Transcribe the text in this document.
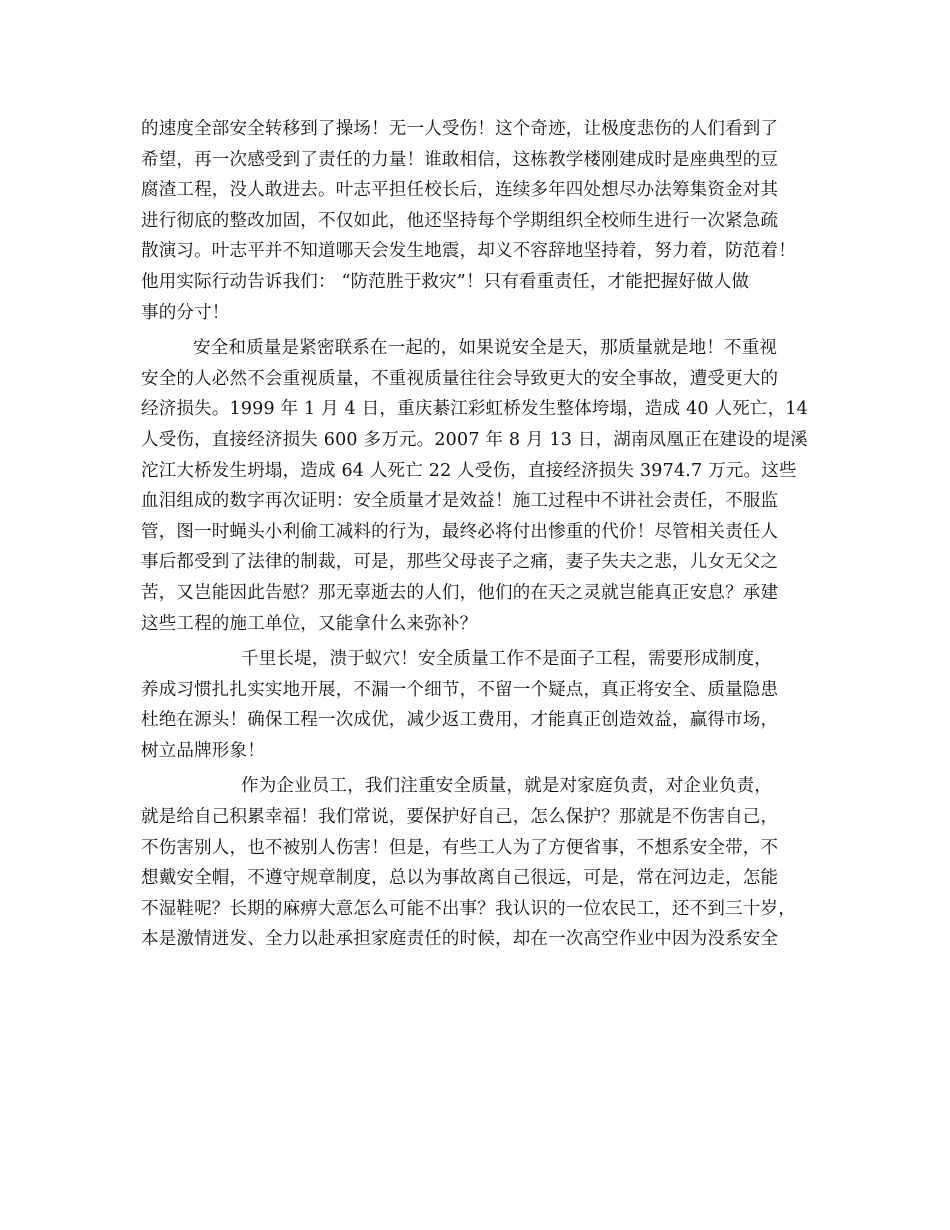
的速度全部安全转移到了操场！无一人受伤！这个奇迹，让极度悲伤的人们看到了
希望，再一次感受到了责任的力量！谁敢相信，这栋教学楼刚建成时是座典型的豆
腐渣工程，没人敢进去。叶志平担任校长后，连续多年四处想尽办法筹集资金对其
进行彻底的整改加固，不仅如此，他还坚持每个学期组织全校师生进行一次紧急疏
散演习。叶志平并不知道哪天会发生地震，却义不容辞地坚持着，努力着，防范着！
他用实际行动告诉我们： “防范胜于救灾”！只有看重责任，才能把握好做人做
事的分寸！
安全和质量是紧密联系在一起的，如果说安全是天，那质量就是地！不重视
安全的人必然不会重视质量，不重视质量往往会导致更大的安全事故，遭受更大的
经济损失。1999 年 1 月 4 日，重庆綦江彩虹桥发生整体垮塌，造成 40 人死亡，14
人受伤，直接经济损失 600 多万元。2007 年 8 月 13 日，湖南凤凰正在建设的堤溪
沱江大桥发生坍塌，造成 64 人死亡 22 人受伤，直接经济损失 3974.7 万元。这些
血泪组成的数字再次证明：安全质量才是效益！施工过程中不讲社会责任，不服监
管，图一时蝇头小利偷工减料的行为，最终必将付出惨重的代价！尽管相关责任人
事后都受到了法律的制裁，可是，那些父母丧子之痛，妻子失夫之悲，儿女无父之
苦，又岂能因此告慰？那无辜逝去的人们，他们的在天之灵就岂能真正安息？承建
这些工程的施工单位，又能拿什么来弥补？
千里长堤，溃于蚁穴！安全质量工作不是面子工程，需要形成制度，
养成习惯扎扎实实地开展，不漏一个细节，不留一个疑点，真正将安全、质量隐患
杜绝在源头！确保工程一次成优，减少返工费用，才能真正创造效益，赢得市场，
树立品牌形象！
作为企业员工，我们注重安全质量，就是对家庭负责，对企业负责，
就是给自己积累幸福！我们常说，要保护好自己，怎么保护？那就是不伤害自己，
不伤害别人，也不被别人伤害！但是，有些工人为了方便省事，不想系安全带，不
想戴安全帽，不遵守规章制度，总以为事故离自己很远，可是，常在河边走，怎能
不湿鞋呢？长期的麻痹大意怎么可能不出事？我认识的一位农民工，还不到三十岁，
本是激情迸发、全力以赴承担家庭责任的时候，却在一次高空作业中因为没系安全
